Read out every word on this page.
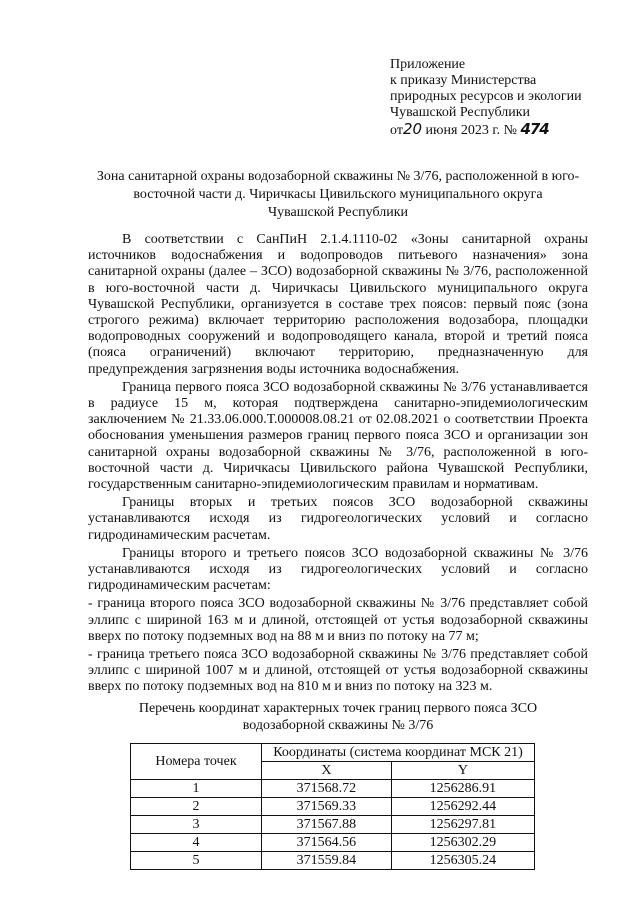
Приложение
к приказу Министерства
природных ресурсов и экологии
Чувашской Республики
от20 июня 2023 г. № 474
Зона санитарной охраны водозаборной скважины № 3/76, расположенной в юго-
восточной части д. Чиричкасы Цивильского муниципального округа
Чувашской Республики

В соответствии с СанПиН 2.1.4.1110-02 «Зоны санитарной охраны источников водоснабжения и водопроводов питьевого назначения» зона санитарной охраны (далее – ЗСО) водозаборной скважины № 3/76, расположенной в юго-восточной части д. Чиричкасы Цивильского муниципального округа Чувашской Республики, организуется в составе трех поясов: первый пояс (зона строгого режима) включает территорию расположения водозабора, площадки водопроводных сооружений и водопроводящего канала, второй и третий пояса (пояса ограничений) включают территорию, предназначенную для предупреждения загрязнения воды источника водоснабжения.

Граница первого пояса ЗСО водозаборной скважины № 3/76 устанавливается в радиусе 15 м, которая подтверждена санитарно-эпидемиологическим заключением № 21.33.06.000.Т.000008.08.21 от 02.08.2021 о соответствии Проекта обоснования уменьшения размеров границ первого пояса ЗСО и организации зон санитарной охраны водозаборной скважины № 3/76, расположенной в юго-восточной части д. Чиричкасы Цивильского района Чувашской Республики, государственным санитарно-эпидемиологическим правилам и нормативам.

Границы вторых и третьих поясов ЗСО водозаборной скважины устанавливаются исходя из гидрогеологических условий и согласно гидродинамическим расчетам.

Границы второго и третьего поясов ЗСО водозаборной скважины № 3/76 устанавливаются исходя из гидрогеологических условий и согласно гидродинамическим расчетам:

- граница второго пояса ЗСО водозаборной скважины № 3/76 представляет собой эллипс с шириной 163 м и длиной, отстоящей от устья водозаборной скважины вверх по потоку подземных вод на 88 м и вниз по потоку на 77 м;

- граница третьего пояса ЗСО водозаборной скважины № 3/76 представляет собой эллипс с шириной 1007 м и длиной, отстоящей от устья водозаборной скважины вверх по потоку подземных вод на 810 м и вниз по потоку на 323 м.

Перечень координат характерных точек границ первого пояса ЗСО
водозаборной скважины № 3/76
Номера точек	Координаты (система координат МСК 21)	
	X	Y
1	371568.72	1256286.91
2	371569.33	1256292.44
3	371567.88	1256297.81
4	371564.56	1256302.29
5	371559.84	1256305.24
